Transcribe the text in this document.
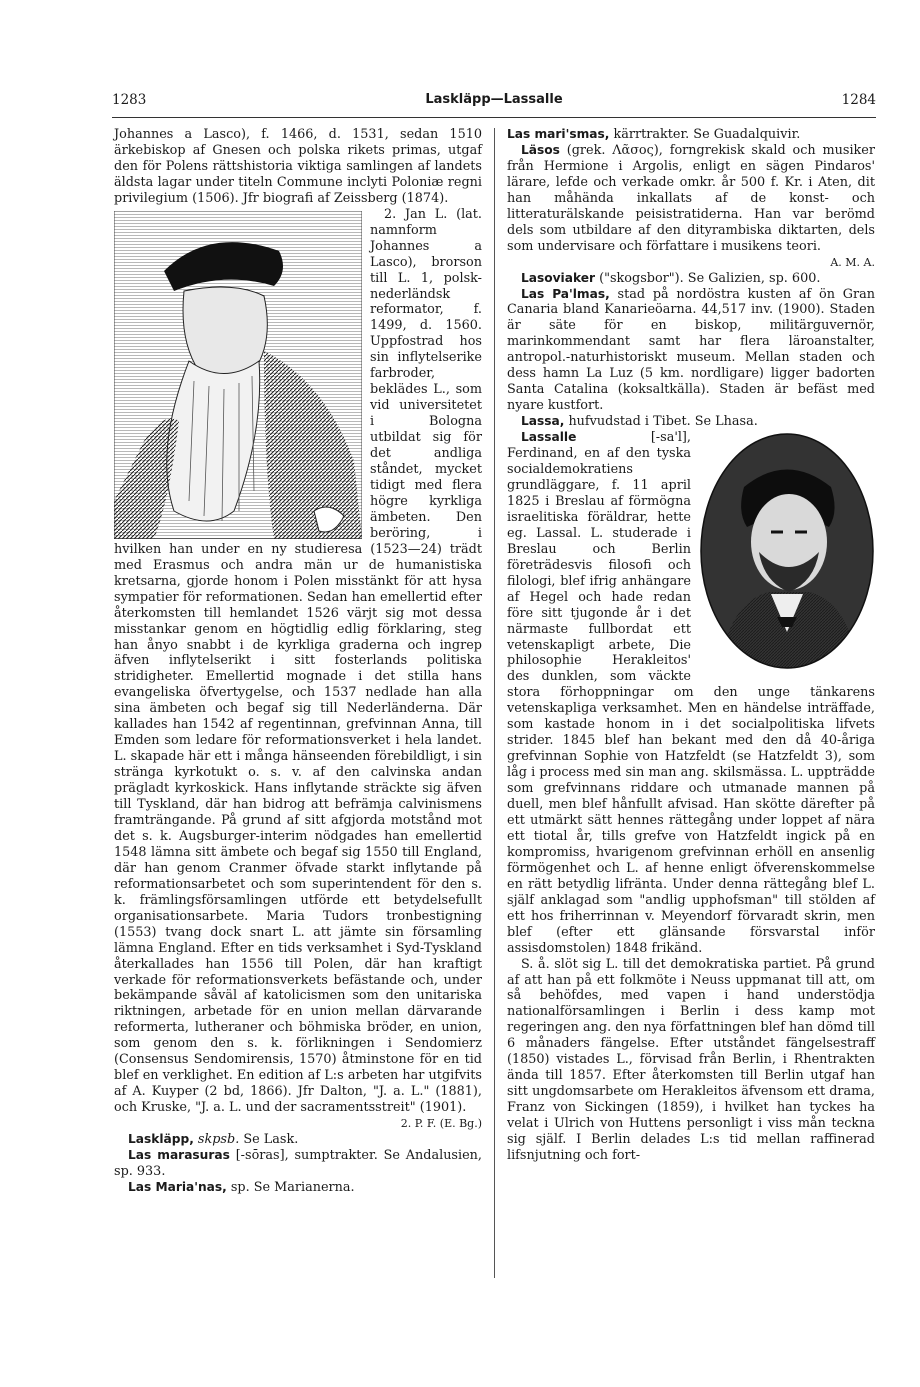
1283	Laskläpp—Lassalle	1284

Johannes a Lasco), f. 1466, d. 1531, sedan 1510 ärkebiskop af Gnesen och polska rikets primas, utgaf den för Polens rättshistoria viktiga samlingen af landets äldsta lagar under titeln Commune inclyti Poloniæ regni privilegium (1506). Jfr biografi af Zeissberg (1874).

2. Jan L. (lat. namnform Johannes a Lasco), brorson till L. 1, polsk-nederländsk reformator, f. 1499, d. 1560. Uppfostrad hos sin inflytelserike farbroder, beklädes L., som vid universitetet i Bologna utbildat sig för det andliga ståndet, mycket tidigt med flera högre kyrkliga ämbeten. Den beröring, i hvilken han under en ny studieresa (1523—24) trädt med Erasmus och andra män ur de humanistiska kretsarna, gjorde honom i Polen misstänkt för att hysa sympatier för reformationen. Sedan han emellertid efter återkomsten till hemlandet 1526 värjt sig mot dessa misstankar genom en högtidlig edlig förklaring, steg han ånyo snabbt i de kyrkliga graderna och ingrep äfven inflytelserikt i sitt fosterlands politiska stridigheter. Emellertid mognade i det stilla hans evangeliska öfvertygelse, och 1537 nedlade han alla sina ämbeten och begaf sig till Nederländerna. Där kallades han 1542 af regentinnan, grefvinnan Anna, till Emden som ledare för reformationsverket i hela landet. L. skapade här ett i många hänseenden förebildligt, i sin stränga kyrkotukt o. s. v. af den calvinska andan prägladt kyrkoskick. Hans inflytande sträckte sig äfven till Tyskland, där han bidrog att befrämja calvinismens framträngande. På grund af sitt afgjorda motstånd mot det s. k. Augsburger-interim nödgades han emellertid 1548 lämna sitt ämbete och begaf sig 1550 till England, där han genom Cranmer öfvade starkt inflytande på reformationsarbetet och som superintendent för den s. k. främlingsförsamlingen utförde ett betydelsefullt organisationsarbete. Maria Tudors tronbestigning (1553) tvang dock snart L. att jämte sin församling lämna England. Efter en tids verksamhet i Syd-Tyskland återkallades han 1556 till Polen, där han kraftigt verkade för reformationsverkets befästande och, under bekämpande såväl af katolicismen som den unitariska riktningen, arbetade för en union mellan därvarande reformerta, lutheraner och böhmiska bröder, en union, som genom den s. k. förlikningen i Sendomierz (Consensus Sendomirensis, 1570) åtminstone för en tid blef en verklighet. En edition af L:s arbeten har utgifvits af A. Kuyper (2 bd, 1866). Jfr Dalton, "J. a. L." (1881), och Kruske, "J. a. L. und der sacramentsstreit" (1901).

2. P. F. (E. Bg.)

Laskläpp, skpsb. Se Lask.

Las marasuras [-sōras], sumptrakter. Se Andalusien, sp. 933.

Las Maria'nas, sp. Se Marianerna.

Las mari'smas, kärrtrakter. Se Guadalquivir.

Läsos (grek. Λᾶσος), forngrekisk skald och musiker från Hermione i Argolis, enligt en sägen Pindaros' lärare, lefde och verkade omkr. år 500 f. Kr. i Aten, dit han måhända inkallats af de konst- och litteraturälskande peisistratiderna. Han var berömd dels som utbildare af den dityrambiska diktarten, dels som undervisare och författare i musikens teori.

A. M. A.

Lasoviaker ("skogsbor"). Se Galizien, sp. 600.

Las Pa'lmas, stad på nordöstra kusten af ön Gran Canaria bland Kanarieöarna. 44,517 inv. (1900). Staden är säte för en biskop, militärguvernör, marinkommendant samt har flera läroanstalter, antropol.-naturhistoriskt museum. Mellan staden och dess hamn La Luz (5 km. nordligare) ligger badorten Santa Catalina (koksaltkälla). Staden är befäst med nyare kustfort.

Lassa, hufvudstad i Tibet. Se Lhasa.

Lassalle	[-sa'l], Ferdinand, en af den tyska socialdemokratiens grundläggare, f. 11 april 1825 i Breslau af förmögna israelitiska föräldrar, hette eg. Lassal. L. studerade i Breslau och Berlin företrädesvis filosofi och filologi, blef ifrig anhängare af Hegel och hade redan före sitt tjugonde år i det närmaste fullbordat ett vetenskapligt arbete, Die philosophie Herakleitos' des dunklen, som väckte stora förhoppningar om den unge tänkarens vetenskapliga verksamhet. Men en händelse inträffade, som kastade honom in i det socialpolitiska lifvets strider. 1845 blef han bekant med den då 40-åriga grefvinnan Sophie von Hatzfeldt (se Hatzfeldt 3), som låg i process med sin man ang. skilsmässa. L. uppträdde som grefvinnans riddare och utmanade mannen på duell, men blef hånfullt afvisad. Han skötte därefter på ett utmärkt sätt hennes rättegång under loppet af nära ett tiotal år, tills grefve von Hatzfeldt ingick på en kompromiss, hvarigenom grefvinnan erhöll en ansenlig förmögenhet och L. af henne enligt öfverenskommelse en rätt betydlig lifränta. Under denna rättegång blef L. själf anklagad som "andlig upphofsman" till stölden af ett hos friherrinnan v. Meyendorf förvaradt skrin, men blef (efter ett glänsande försvarstal inför assisdomstolen) 1848 frikänd.

S. å. slöt sig L. till det demokratiska partiet. På grund af att han på ett folkmöte i Neuss uppmanat till att, om så behöfdes, med vapen i hand understödja nationalförsamlingen i Berlin i dess kamp mot regeringen ang. den nya författningen blef han dömd till 6 månaders fängelse. Efter utståndet fängelsestraff (1850) vistades L., förvisad från Berlin, i Rhentrakten ända till 1857. Efter återkomsten till Berlin utgaf han sitt ungdomsarbete om Herakleitos äfvensom ett drama, Franz von Sickingen (1859), i hvilket han tyckes ha velat i Ulrich von Huttens personligt i viss mån teckna sig själf. I Berlin delades L:s tid mellan raffinerad lifsnjutning och fort-
